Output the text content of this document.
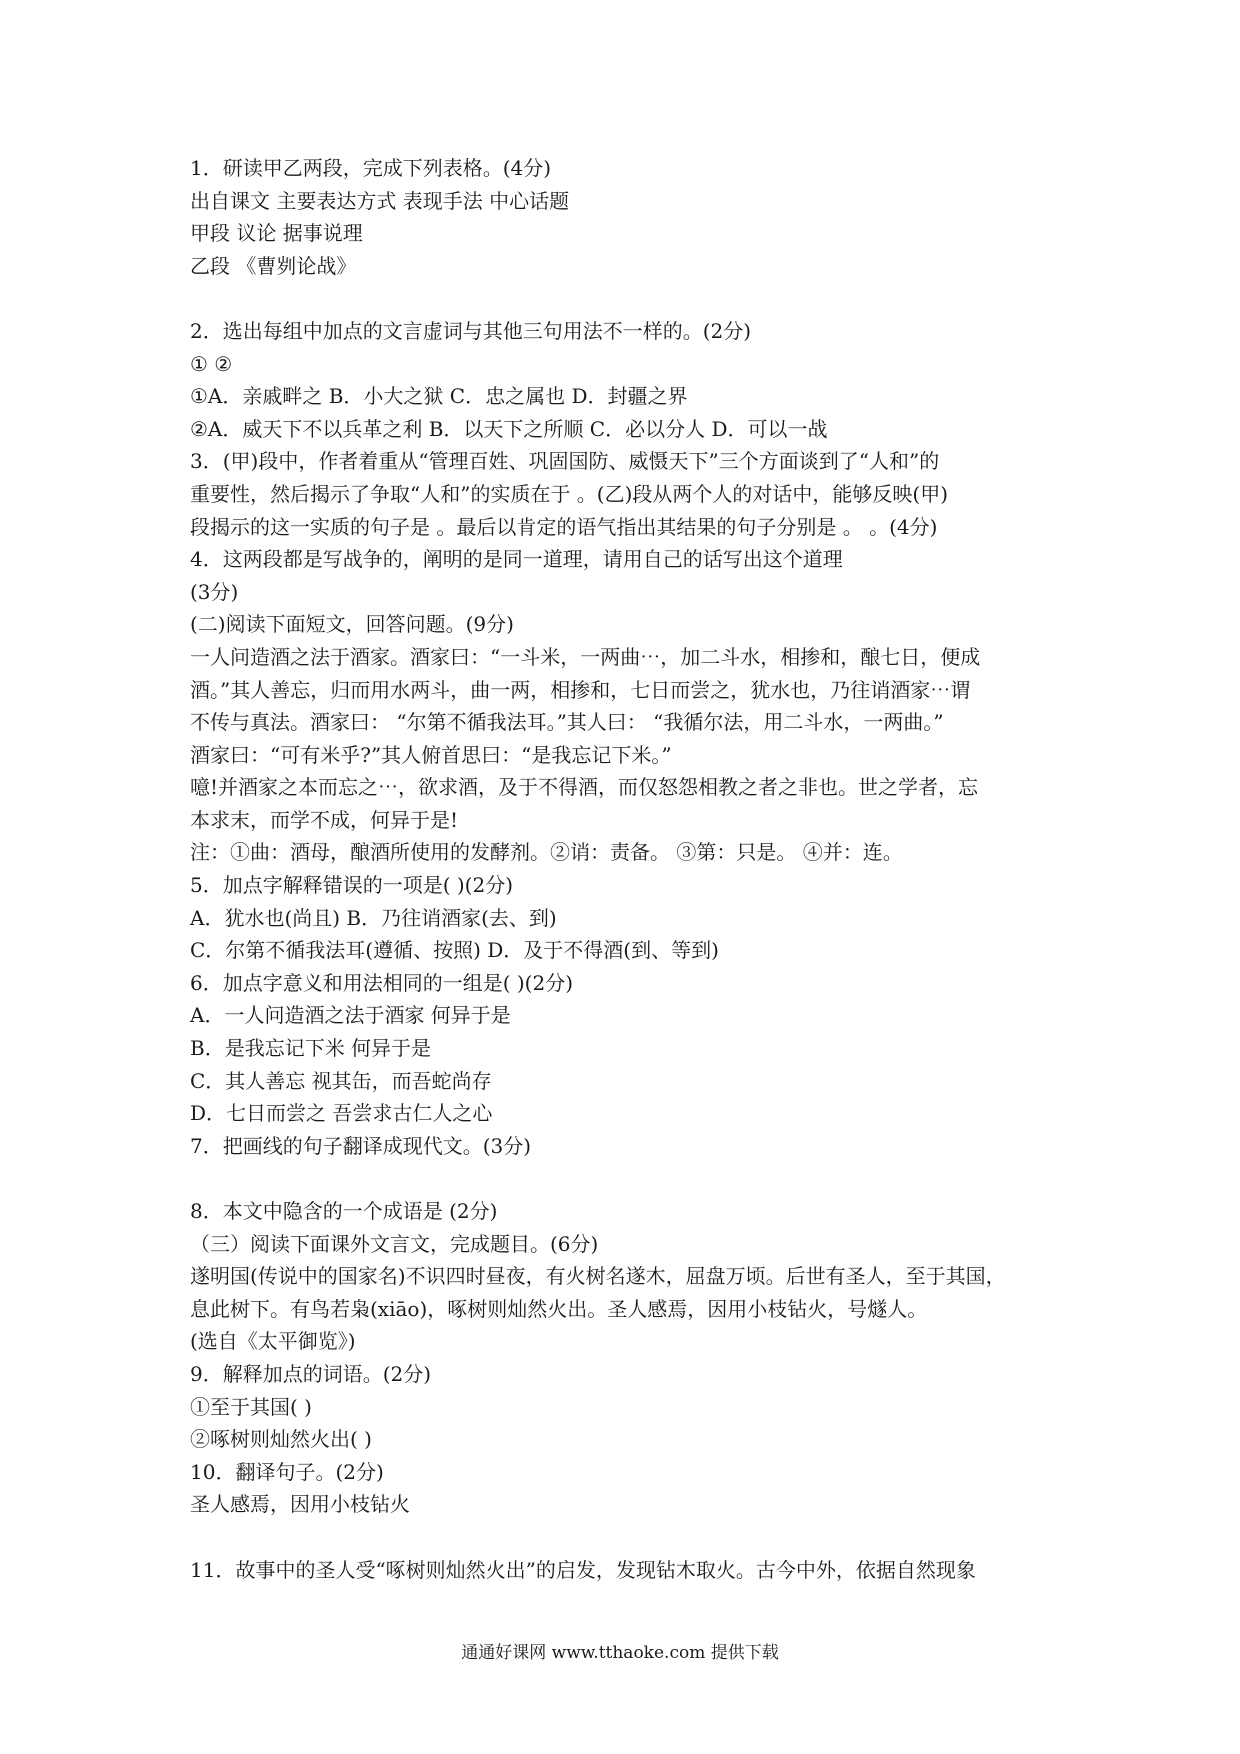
1．研读甲乙两段，完成下列表格。(4分)
出自课文 主要表达方式 表现手法 中心话题
甲段 议论 据事说理
乙段 《曹刿论战》
2．选出每组中加点的文言虚词与其他三句用法不一样的。(2分)
① ②
①A．亲戚畔之 B．小大之狱 C．忠之属也 D．封疆之界
②A．威天下不以兵革之利 B．以天下之所顺 C．必以分人 D．可以一战
3．(甲)段中，作者着重从“管理百姓、巩固国防、威慑天下”三个方面谈到了“人和”的
重要性，然后揭示了争取“人和”的实质在于 。(乙)段从两个人的对话中，能够反映(甲)
段揭示的这一实质的句子是 。最后以肯定的语气指出其结果的句子分别是 。 。(4分)
4．这两段都是写战争的，阐明的是同一道理，请用自己的话写出这个道理
(3分)
(二)阅读下面短文，回答问题。(9分)
一人问造酒之法于酒家。酒家曰：“一斗米，一两曲⋯，加二斗水，相掺和，酿七日，便成
酒。”其人善忘，归而用水两斗，曲一两，相掺和，七日而尝之，犹水也，乃往诮酒家⋯谓
不传与真法。酒家曰： “尔第不循我法耳。”其人曰： “我循尔法，用二斗水，一两曲。”
酒家曰：“可有米乎?”其人俯首思曰：“是我忘记下米。”
噫!并酒家之本而忘之⋯，欲求酒，及于不得酒，而仅怒怨相教之者之非也。世之学者，忘
本求末，而学不成，何异于是!
注：①曲：酒母，酿酒所使用的发酵剂。②诮：责备。 ③第：只是。 ④并：连。
5．加点字解释错误的一项是( )(2分)
A．犹水也(尚且) B．乃往诮酒家(去、到)
C．尔第不循我法耳(遵循、按照) D．及于不得酒(到、等到)
6．加点字意义和用法相同的一组是( )(2分)
A．一人问造酒之法于酒家 何异于是
B．是我忘记下米 何异于是
C．其人善忘 视其缶，而吾蛇尚存
D．七日而尝之 吾尝求古仁人之心
7．把画线的句子翻译成现代文。(3分)
8．本文中隐含的一个成语是 (2分)
（三）阅读下面课外文言文，完成题目。(6分)
遂明国(传说中的国家名)不识四时昼夜，有火树名遂木，屈盘万顷。后世有圣人，至于其国，
息此树下。有鸟若枭(xiāo)，啄树则灿然火出。圣人感焉，因用小枝钻火，号燧人。
(选自《太平御览》)
9．解释加点的词语。(2分)
①至于其国( )
②啄树则灿然火出( )
10．翻译句子。(2分)
圣人感焉，因用小枝钻火
11．故事中的圣人受“啄树则灿然火出”的启发，发现钻木取火。古今中外，依据自然现象
通通好课网 www.tthaoke.com 提供下载
